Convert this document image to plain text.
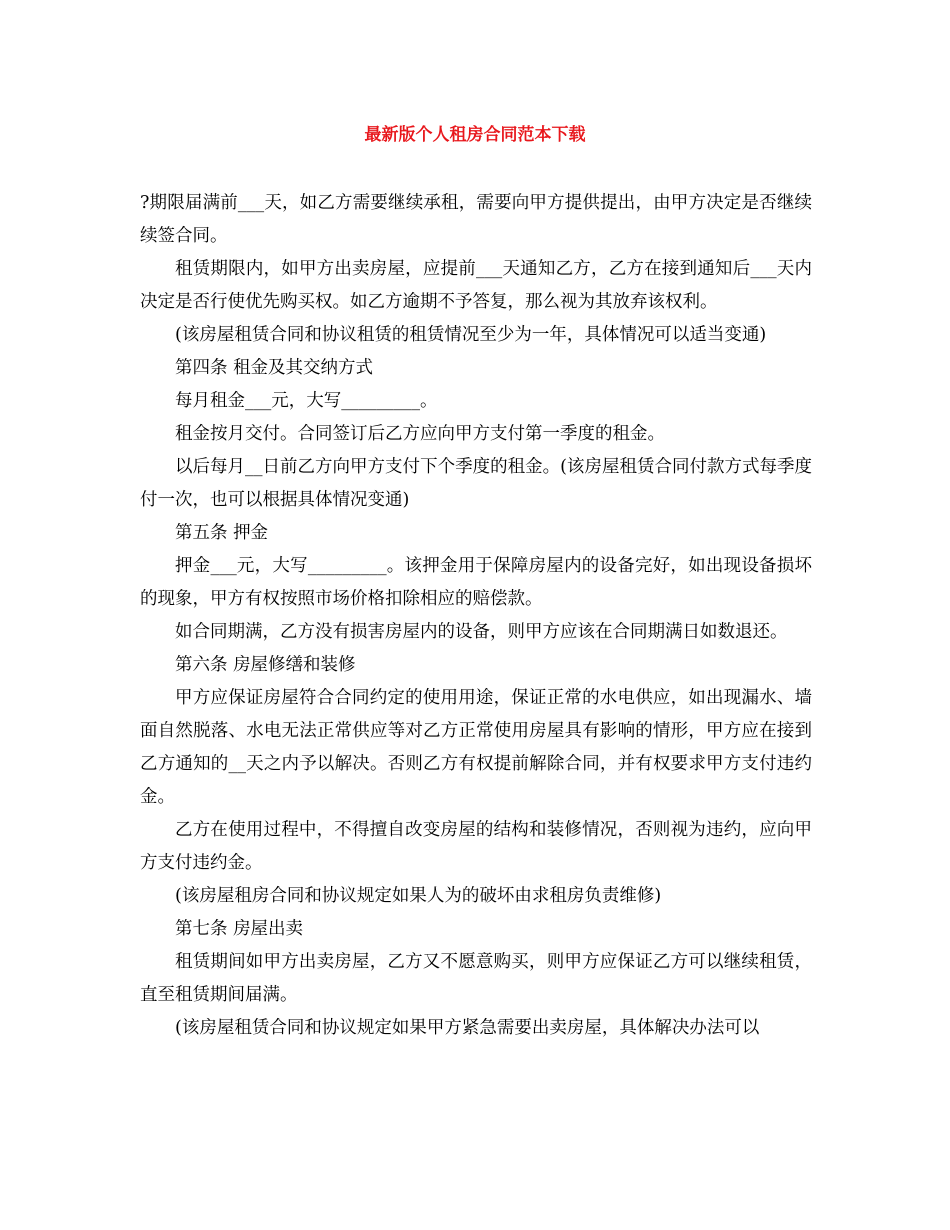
最新版个人租房合同范本下载

?期限届满前___天，如乙方需要继续承租，需要向甲方提供提出，由甲方决定是否继续续签合同。

租赁期限内，如甲方出卖房屋，应提前___天通知乙方，乙方在接到通知后___天内决定是否行使优先购买权。如乙方逾期不予答复，那么视为其放弃该权利。

(该房屋租赁合同和协议租赁的租赁情况至少为一年，具体情况可以适当变通)

第四条 租金及其交纳方式

每月租金___元，大写_________。

租金按月交付。合同签订后乙方应向甲方支付第一季度的租金。

以后每月__日前乙方向甲方支付下个季度的租金。(该房屋租赁合同付款方式每季度付一次，也可以根据具体情况变通)

第五条 押金

押金___元，大写_________。该押金用于保障房屋内的设备完好，如出现设备损坏的现象，甲方有权按照市场价格扣除相应的赔偿款。

如合同期满，乙方没有损害房屋内的设备，则甲方应该在合同期满日如数退还。

第六条 房屋修缮和装修

甲方应保证房屋符合合同约定的使用用途，保证正常的水电供应，如出现漏水、墙面自然脱落、水电无法正常供应等对乙方正常使用房屋具有影响的情形，甲方应在接到乙方通知的__天之内予以解决。否则乙方有权提前解除合同，并有权要求甲方支付违约金。

乙方在使用过程中，不得擅自改变房屋的结构和装修情况，否则视为违约，应向甲方支付违约金。

(该房屋租房合同和协议规定如果人为的破坏由求租房负责维修)

第七条 房屋出卖

租赁期间如甲方出卖房屋，乙方又不愿意购买，则甲方应保证乙方可以继续租赁，直至租赁期间届满。

(该房屋租赁合同和协议规定如果甲方紧急需要出卖房屋，具体解决办法可以
